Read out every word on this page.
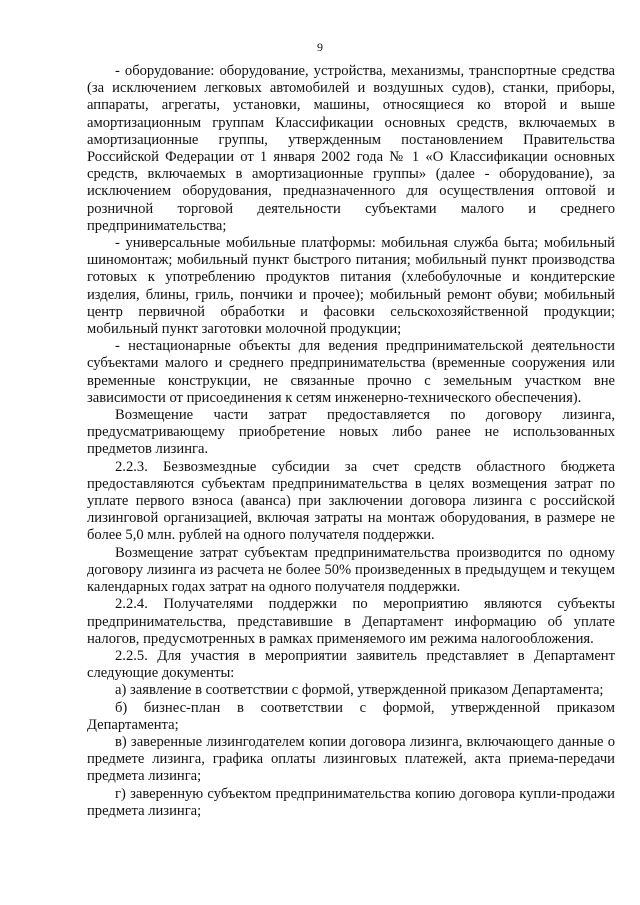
9

- оборудование: оборудование, устройства, механизмы, транспортные средства (за исключением легковых автомобилей и воздушных судов), станки, приборы, аппараты, агрегаты, установки, машины, относящиеся ко второй и выше амортизационным группам Классификации основных средств, включаемых в амортизационные группы, утвержденным постановлением Правительства Российской Федерации от 1 января 2002 года № 1 «О Классификации основных средств, включаемых в амортизационные группы» (далее - оборудование), за исключением оборудования, предназначенного для осуществления оптовой и розничной торговой деятельности субъектами малого и среднего предпринимательства;

- универсальные мобильные платформы: мобильная служба быта; мобильный шиномонтаж; мобильный пункт быстрого питания; мобильный пункт производства готовых к употреблению продуктов питания (хлебобулочные и кондитерские изделия, блины, гриль, пончики и прочее); мобильный ремонт обуви; мобильный центр первичной обработки и фасовки сельскохозяйственной продукции; мобильный пункт заготовки молочной продукции;

- нестационарные объекты для ведения предпринимательской деятельности субъектами малого и среднего предпринимательства (временные сооружения или временные конструкции, не связанные прочно с земельным участком вне зависимости от присоединения к сетям инженерно-технического обеспечения).

Возмещение части затрат предоставляется по договору лизинга, предусматривающему приобретение новых либо ранее не использованных предметов лизинга.

2.2.3. Безвозмездные субсидии за счет средств областного бюджета предоставляются субъектам предпринимательства в целях возмещения затрат по уплате первого взноса (аванса) при заключении договора лизинга с российской лизинговой организацией, включая затраты на монтаж оборудования, в размере не более 5,0 млн. рублей на одного получателя поддержки.

Возмещение затрат субъектам предпринимательства производится по одному договору лизинга из расчета не более 50% произведенных в предыдущем и текущем календарных годах затрат на одного получателя поддержки.

2.2.4. Получателями поддержки по мероприятию являются субъекты предпринимательства, представившие в Департамент информацию об уплате налогов, предусмотренных в рамках применяемого им режима налогообложения.

2.2.5. Для участия в мероприятии заявитель представляет в Департамент следующие документы:

а) заявление в соответствии с формой, утвержденной приказом Департамента;

б) бизнес-план в соответствии с формой, утвержденной приказом Департамента;

в) заверенные лизингодателем копии договора лизинга, включающего данные о предмете лизинга, графика оплаты лизинговых платежей, акта приема-передачи предмета лизинга;

г) заверенную субъектом предпринимательства копию договора купли-продажи предмета лизинга;
